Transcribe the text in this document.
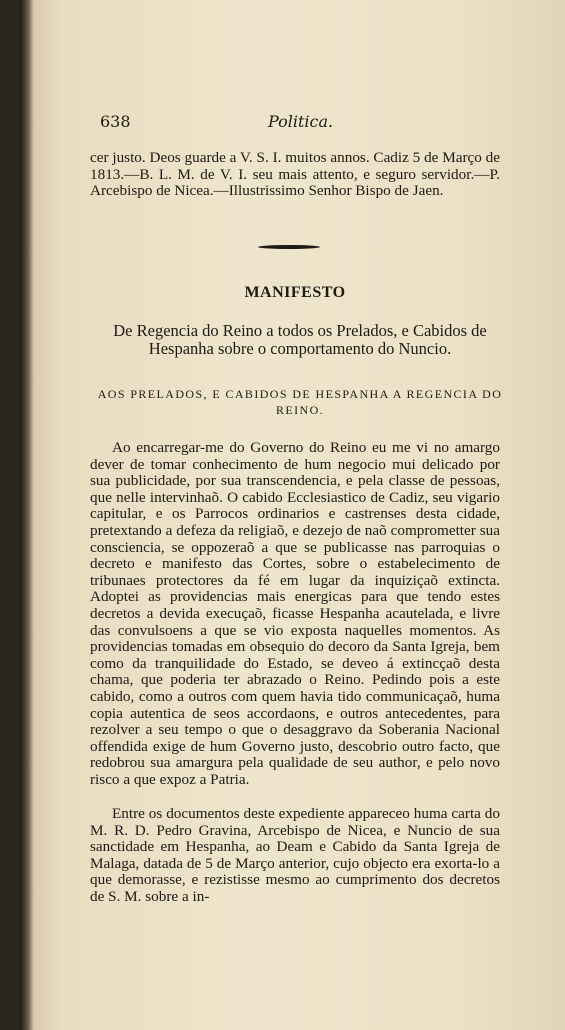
638	Politica.
cer justo. Deos guarde a V. S. I. muitos annos. Cadiz 5 de Março de 1813.—B. L. M. de V. I. seu mais attento, e seguro servidor.—P. Arcebispo de Nicea.—Illustrissimo Senhor Bispo de Jaen.
MANIFESTO
De Regencia do Reino a todos os Prelados, e Cabidos de Hespanha sobre o comportamento do Nuncio.
AOS PRELADOS, E CABIDOS DE HESPANHA A REGENCIA DO REINO.
Ao encarregar-me do Governo do Reino eu me vi no amargo dever de tomar conhecimento de hum negocio mui delicado por sua publicidade, por sua transcendencia, e pela classe de pessoas, que nelle intervinhaõ. O cabido Ecclesiastico de Cadiz, seu vigario capitular, e os Parrocos ordinarios e castrenses desta cidade, pretextando a defeza da religiaõ, e dezejo de naõ comprometter sua consciencia, se oppozeraõ a que se publicasse nas parroquias o decreto e manifesto das Cortes, sobre o estabelecimento de tribunaes protectores da fé em lugar da inquiziçaõ extincta. Adoptei as providencias mais energicas para que tendo estes decretos a devida execuçaõ, ficasse Hespanha acautelada, e livre das convulsoens a que se vio exposta naquelles momentos. As providencias tomadas em obsequio do decoro da Santa Igreja, bem como da tranquilidade do Estado, se deveo á extincçaõ desta chama, que poderia ter abrazado o Reino. Pedindo pois a este cabido, como a outros com quem havia tido communicaçaõ, huma copia autentica de seos accordaons, e outros antecedentes, para rezolver a seu tempo o que o desaggravo da Soberania Nacional offendida exige de hum Governo justo, descobrio outro facto, que redobrou sua amargura pela qualidade de seu author, e pelo novo risco a que expoz a Patria.
Entre os documentos deste expediente appareceo huma carta do M. R. D. Pedro Gravina, Arcebispo de Nicea, e Nuncio de sua sanctidade em Hespanha, ao Deam e Cabido da Santa Igreja de Malaga, datada de 5 de Março anterior, cujo objecto era exorta-lo a que demorasse, e rezistisse mesmo ao cumprimento dos decretos de S. M. sobre a in-
